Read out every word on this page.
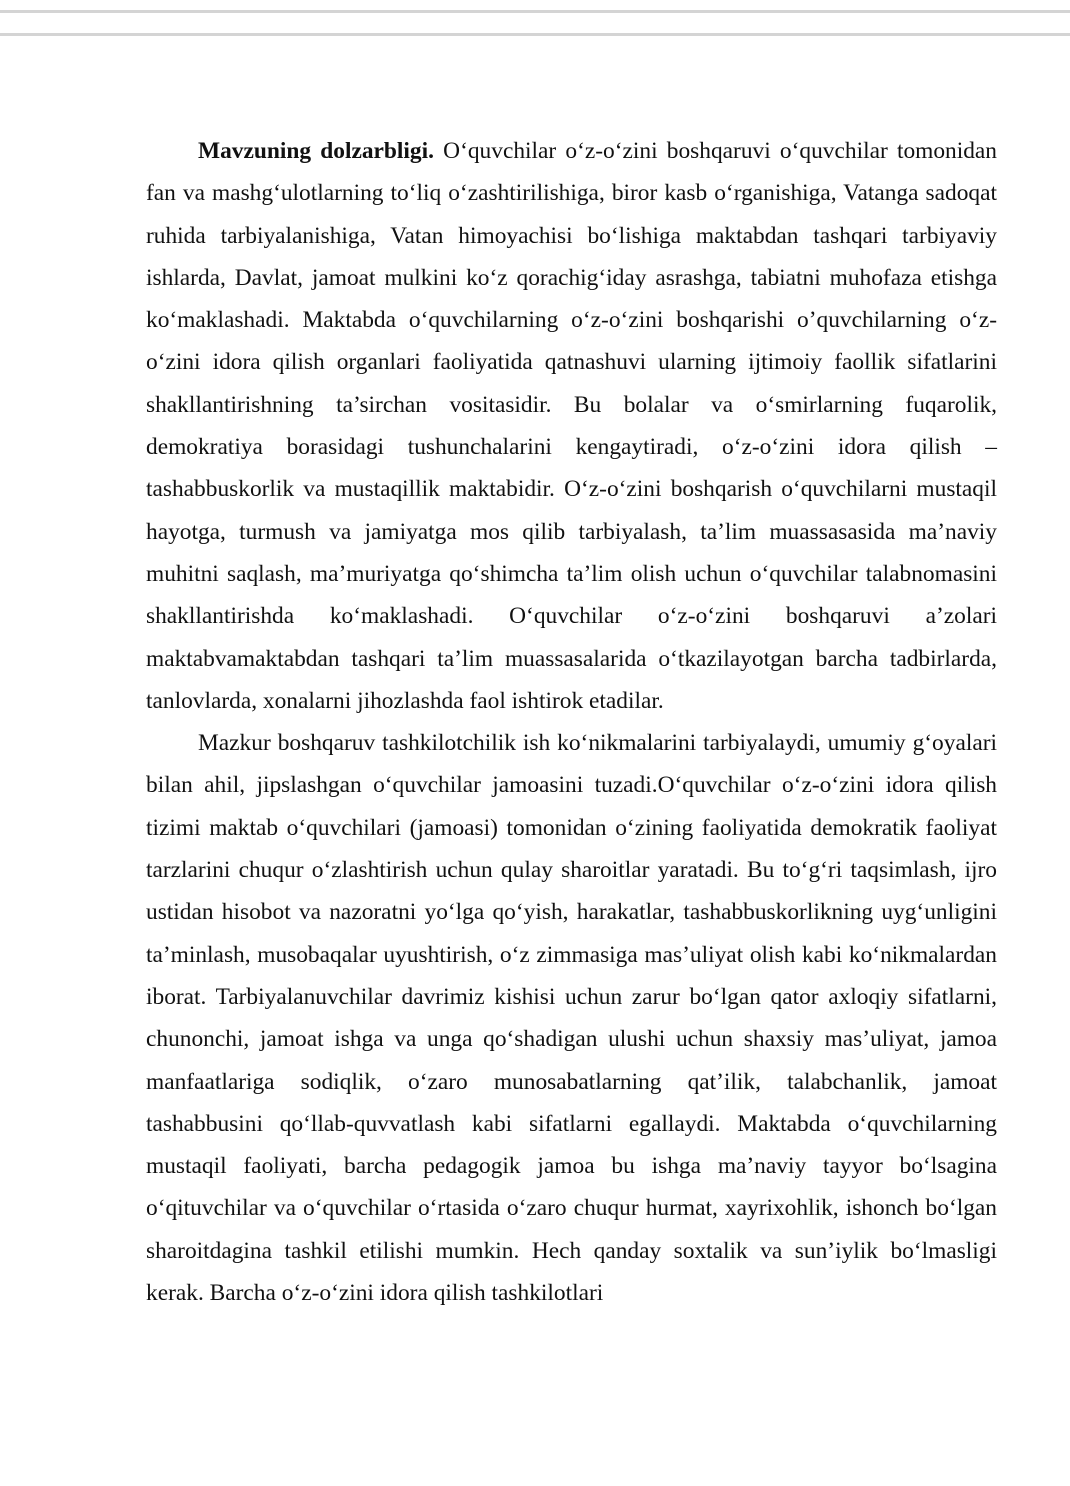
Mavzuning dolzarbligi. O‘quvchilar o‘z-o‘zini boshqaruvi o‘quvchilar tomonidan fan va mashg‘ulotlarning to‘liq o‘zashtirilishiga, biror kasb o‘rganishiga, Vatanga sadoqat ruhida tarbiyalanishiga, Vatan himoyachisi bo‘lishiga maktabdan tashqari tarbiyaviy ishlarda, Davlat, jamoat mulkini ko‘z qorachig‘iday asrashga, tabiatni muhofaza etishga ko‘maklashadi. Maktabda o‘quvchilarning o‘z-o‘zini boshqarishi o’quvchilarning o‘z-o‘zini idora qilish organlari faoliyatida qatnashuvi ularning ijtimoiy faollik sifatlarini shakllantirishning ta’sirchan vositasidir. Bu bolalar va o‘smirlarning fuqarolik, demokratiya borasidagi tushunchalarini kengaytiradi, o‘z-o‘zini idora qilish – tashabbuskorlik va mustaqillik maktabidir. O‘z-o‘zini boshqarish o‘quvchilarni mustaqil hayotga, turmush va jamiyatga mos qilib tarbiyalash, ta’lim muassasasida ma’naviy muhitni saqlash, ma’muriyatga qo‘shimcha ta’lim olish uchun o‘quvchilar talabnomasini shakllantirishda ko‘maklashadi. O‘quvchilar o‘z-o‘zini boshqaruvi a’zolari maktabvamaktabdan tashqari ta’lim muassasalarida o‘tkazilayotgan barcha tadbirlarda, tanlovlarda, xonalarni jihozlashda faol ishtirok etadilar.

Mazkur boshqaruv tashkilotchilik ish ko‘nikmalarini tarbiyalaydi, umumiy g‘oyalari bilan ahil, jipslashgan o‘quvchilar jamoasini tuzadi.O‘quvchilar o‘z-o‘zini idora qilish tizimi maktab o‘quvchilari (jamoasi) tomonidan o‘zining faoliyatida demokratik faoliyat tarzlarini chuqur o‘zlashtirish uchun qulay sharoitlar yaratadi. Bu to‘g‘ri taqsimlash, ijro ustidan hisobot va nazoratni yo‘lga qo‘yish, harakatlar, tashabbuskorlikning uyg‘unligini ta’minlash, musobaqalar uyushtirish, o‘z zimmasiga mas’uliyat olish kabi ko‘nikmalardan iborat. Tarbiyalanuvchilar davrimiz kishisi uchun zarur bo‘lgan qator axloqiy sifatlarni, chunonchi, jamoat ishga va unga qo‘shadigan ulushi uchun shaxsiy mas’uliyat, jamoa manfaatlariga sodiqlik, o‘zaro munosabatlarning qat’ilik, talabchanlik, jamoat tashabbusini qo‘llab-quvvatlash kabi sifatlarni egallaydi. Maktabda o‘quvchilarning mustaqil faoliyati, barcha pedagogik jamoa bu ishga ma’naviy tayyor bo‘lsagina o‘qituvchilar va o‘quvchilar o‘rtasida o‘zaro chuqur hurmat, xayrixohlik, ishonch bo‘lgan sharoitdagina tashkil etilishi mumkin. Hech qanday soxtalik va sun’iylik bo‘lmasligi kerak. Barcha o‘z-o‘zini idora qilish tashkilotlari
